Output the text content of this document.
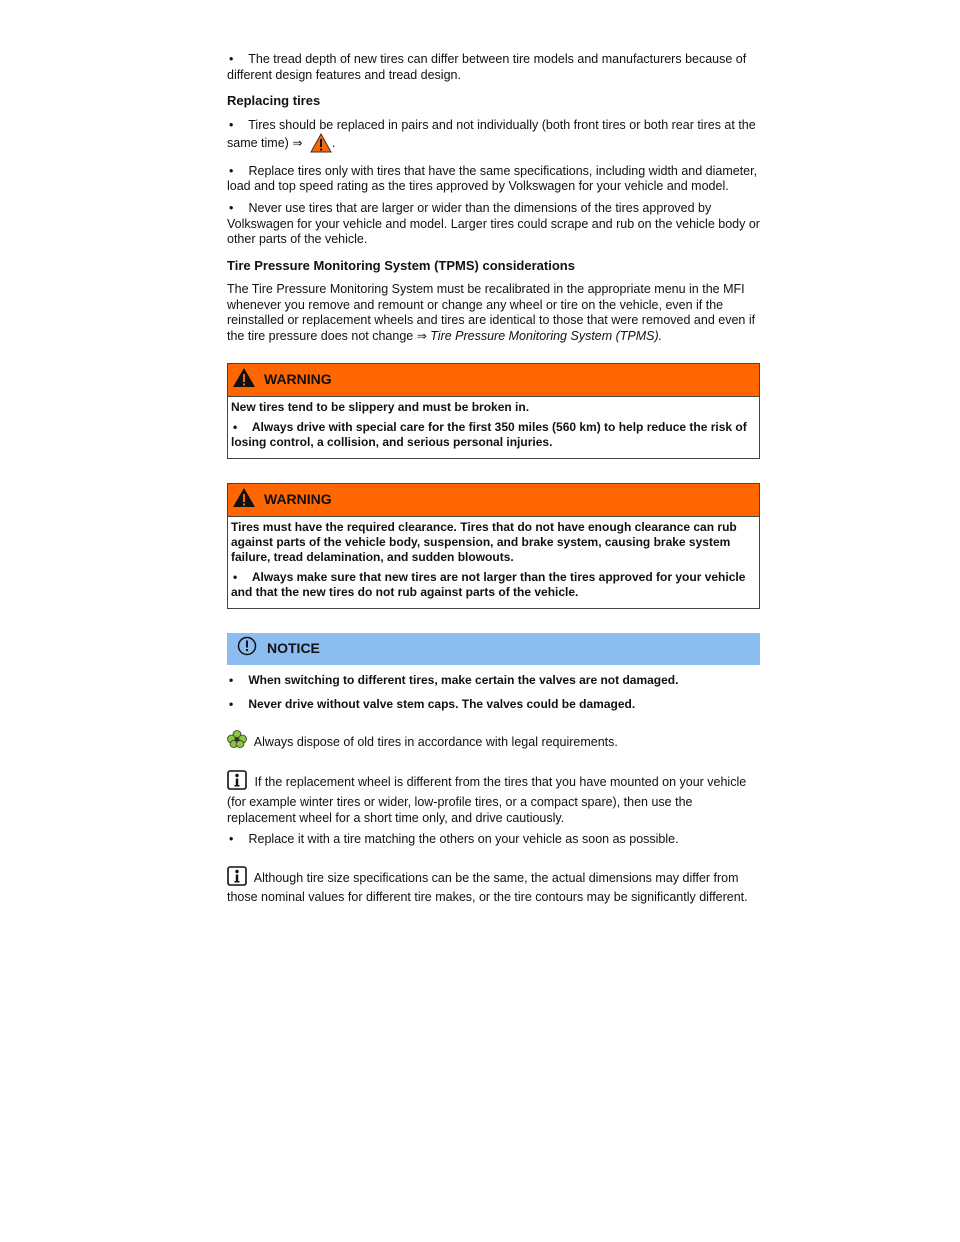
• The tread depth of new tires can differ between tire models and manufacturers because of different design features and tread design.
Replacing tires
• Tires should be replaced in pairs and not individually (both front tires or both rear tires at the same time) ⇒ .
• Replace tires only with tires that have the same specifications, including width and diameter, load and top speed rating as the tires approved by Volkswagen for your vehicle and model.
• Never use tires that are larger or wider than the dimensions of the tires approved by Volkswagen for your vehicle and model. Larger tires could scrape and rub on the vehicle body or other parts of the vehicle.
Tire Pressure Monitoring System (TPMS) considerations

The Tire Pressure Monitoring System must be recalibrated in the appropriate menu in the MFI whenever you remove and remount or change any wheel or tire on the vehicle, even if the reinstalled or replacement wheels and tires are identical to those that were removed and even if the tire pressure does not change ⇒ Tire Pressure Monitoring System (TPMS).

WARNING

New tires tend to be slippery and must be broken in.

• Always drive with special care for the first 350 miles (560 km) to help reduce the risk of losing control, a collision, and serious personal injuries.
WARNING

Tires must have the required clearance. Tires that do not have enough clearance can rub against parts of the vehicle body, suspension, and brake system, causing brake system failure, tread delamination, and sudden blowouts.

• Always make sure that new tires are not larger than the tires approved for your vehicle and that the new tires do not rub against parts of the vehicle.
NOTICE
• When switching to different tires, make certain the valves are not damaged.
• Never drive without valve stem caps. The valves could be damaged.

Always dispose of old tires in accordance with legal requirements.

If the replacement wheel is different from the tires that you have mounted on your vehicle (for example winter tires or wider, low-profile tires, or a compact spare), then use the replacement wheel for a short time only, and drive cautiously.

• Replace it with a tire matching the others on your vehicle as soon as possible.

Although tire size specifications can be the same, the actual dimensions may differ from those nominal values for different tire makes, or the tire contours may be significantly different.
